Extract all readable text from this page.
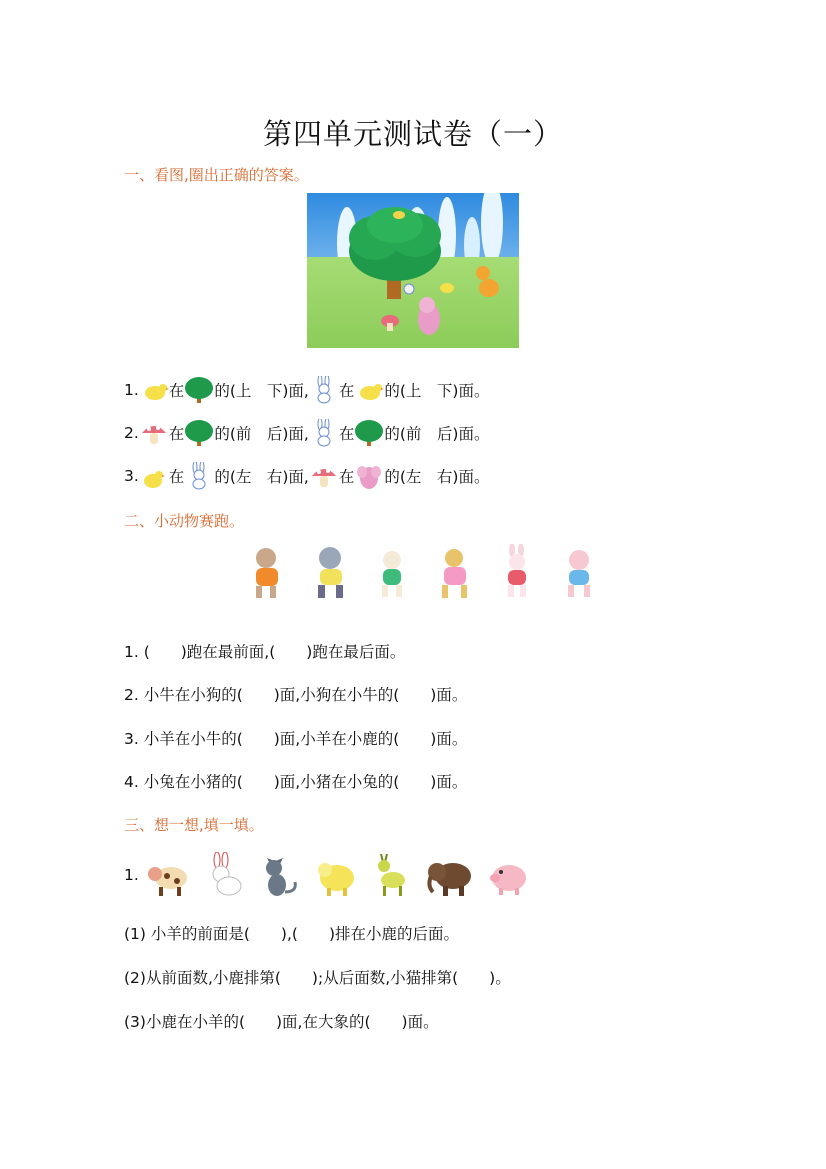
第四单元测试卷（一）
一、看图,圈出正确的答案。
1. 在 的(上　下)面, 在 的(上　下)面。
2. 在 的(前　后)面, 在 的(前　后)面。
3. 在 的(左　右)面, 在 的(左　右)面。
二、小动物赛跑。
1. (　　)跑在最前面,(　　)跑在最后面。
2. 小牛在小狗的(　　)面,小狗在小牛的(　　)面。
3. 小羊在小牛的(　　)面,小羊在小鹿的(　　)面。
4. 小兔在小猪的(　　)面,小猪在小兔的(　　)面。
三、想一想,填一填。
1.
(1) 小羊的前面是(　　),(　　)排在小鹿的后面。
(2)从前面数,小鹿排第(　　);从后面数,小猫排第(　　)。
(3)小鹿在小羊的(　　)面,在大象的(　　)面。
